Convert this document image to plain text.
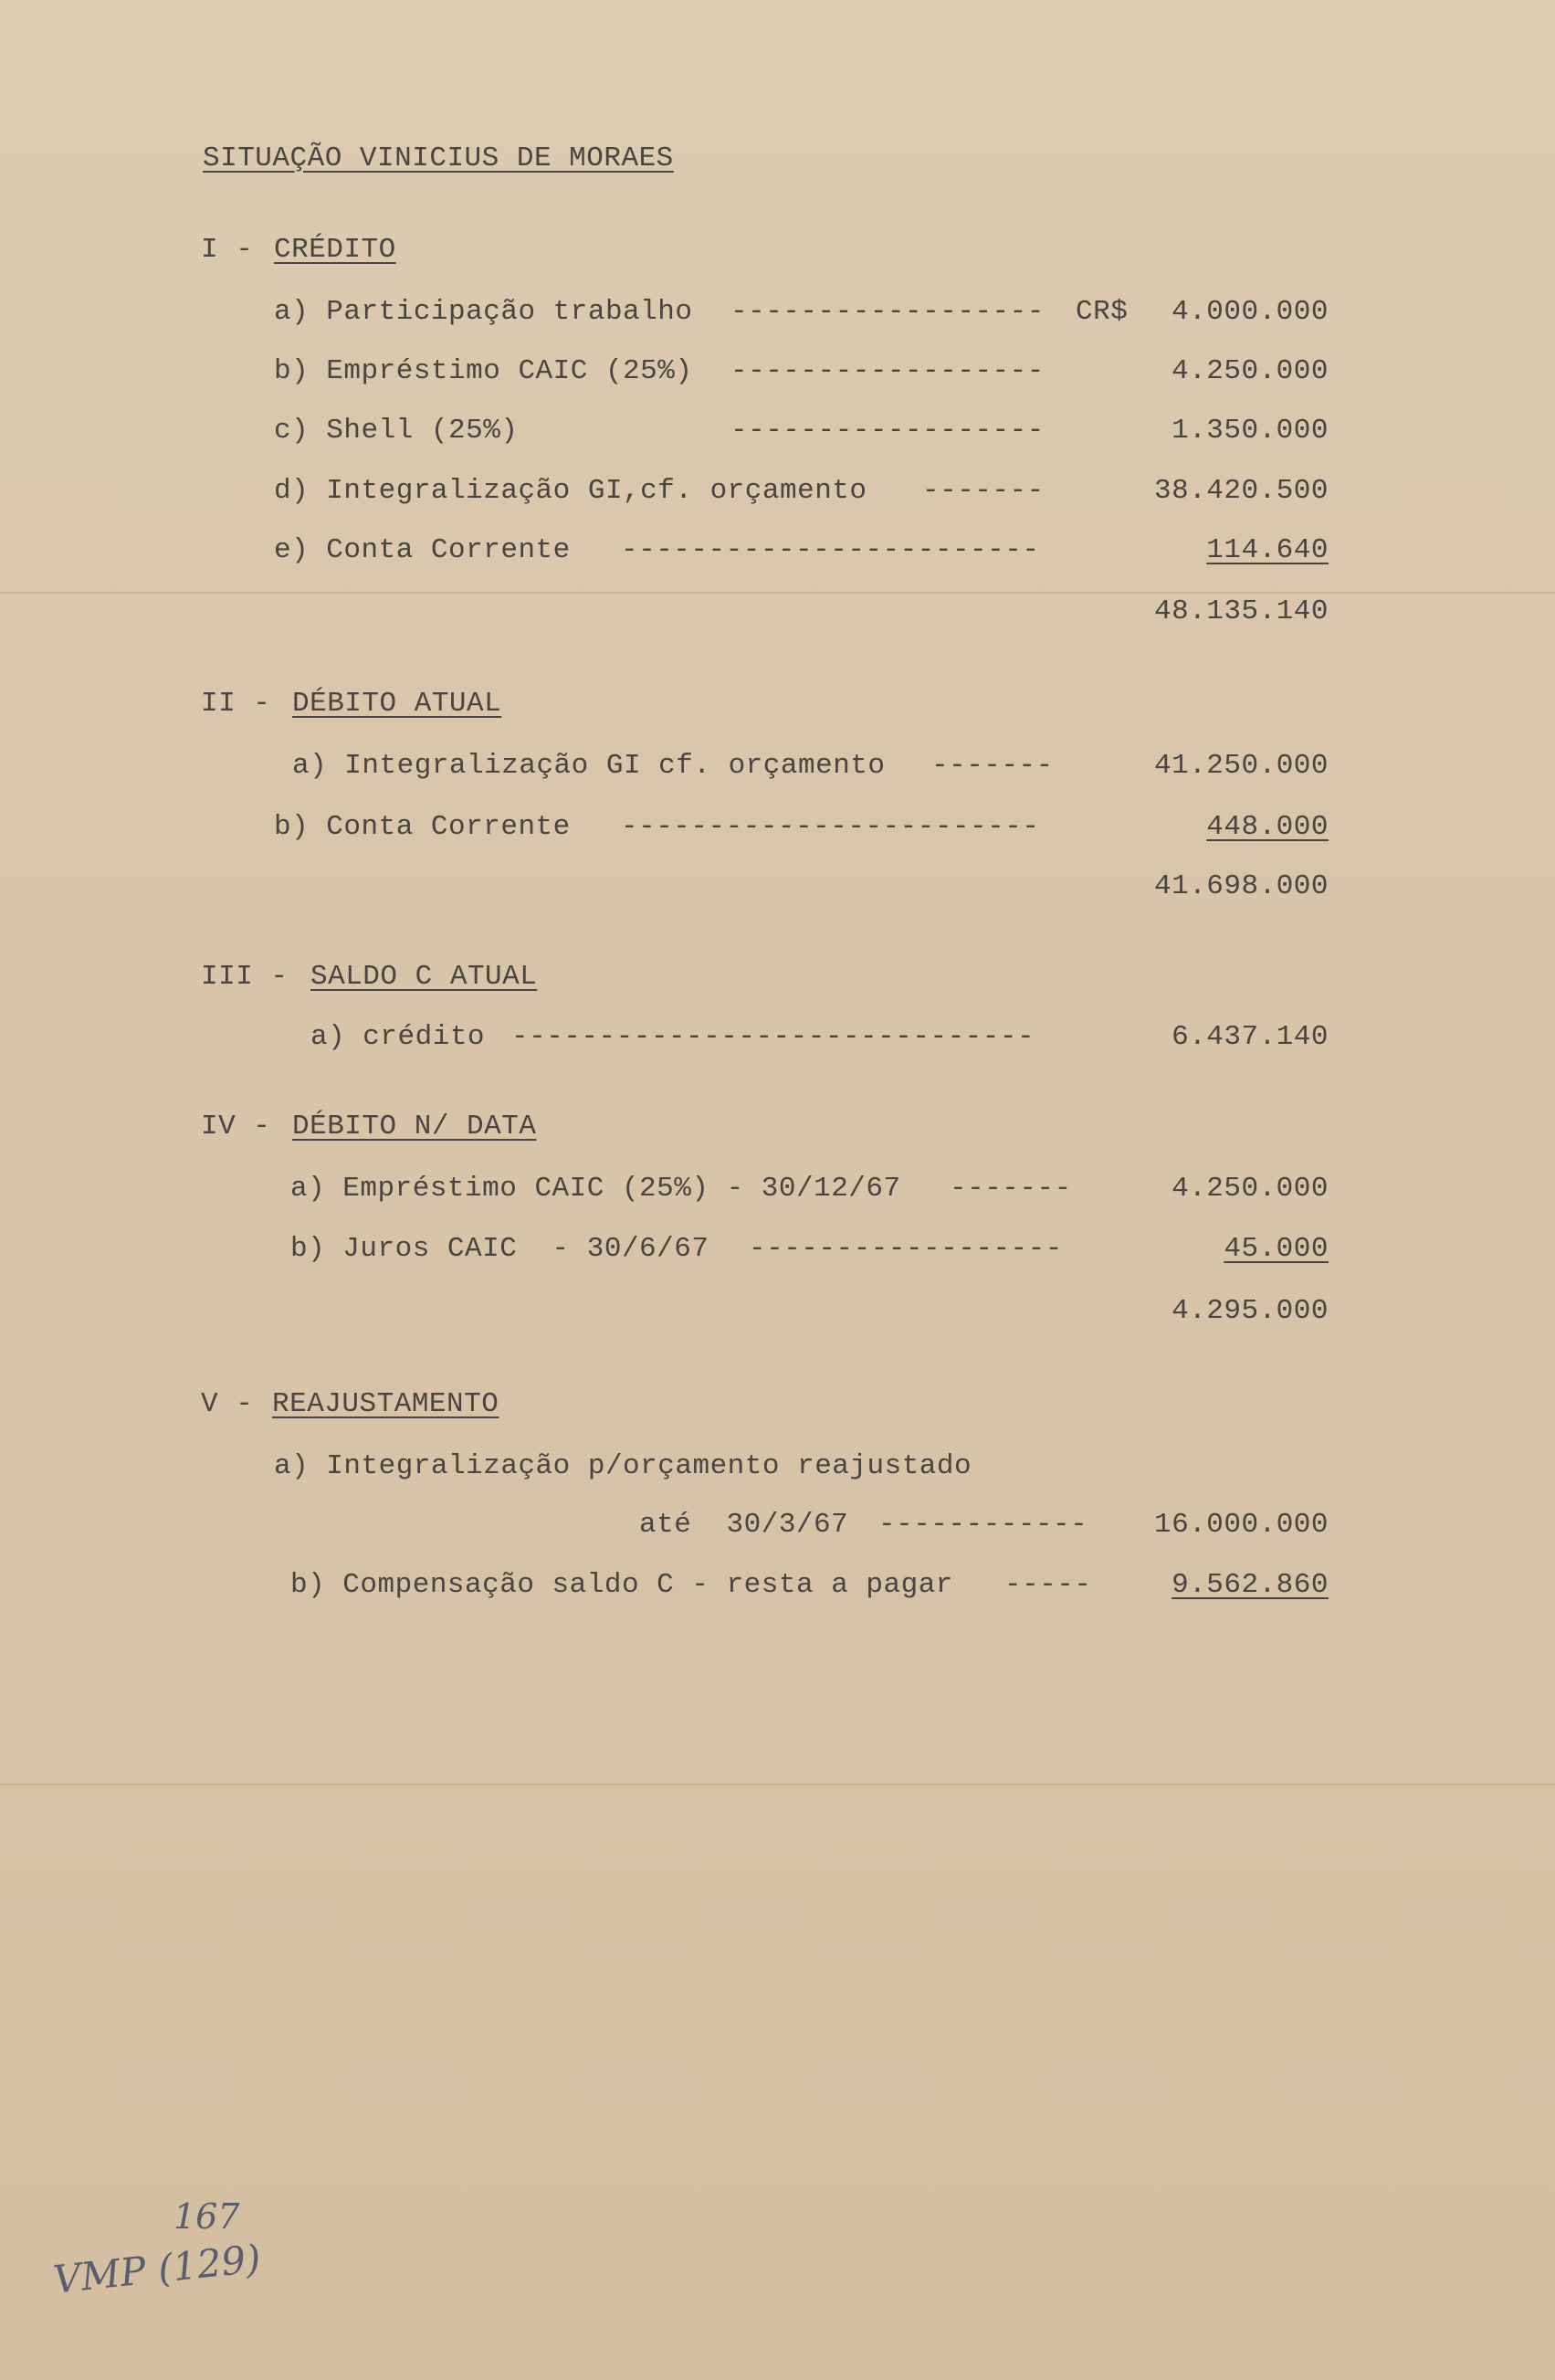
SITUAÇÃO VINICIUS DE MORAES
I - CRÉDITO
a) Participação trabalho ------------------ CR$	4.000.000
b) Empréstimo CAIC (25%) ------------------	4.250.000
c) Shell (25%)	------------------	1.350.000
d) Integralização GI,cf. orçamento -------	38.420.500
e) Conta Corrente ------------------------	114.640
48.135.140
II - DÉBITO ATUAL
a) Integralização GI cf. orçamento -------	41.250.000
b) Conta Corrente ------------------------	448.000
41.698.000
III - SALDO C ATUAL
a) crédito ------------------------------	6.437.140
IV - DÉBITO N/ DATA
a) Empréstimo CAIC (25%) - 30/12/67 -------	4.250.000
b) Juros CAIC  - 30/6/67 ------------------	45.000
4.295.000
V - REAJUSTAMENTO
a) Integralização p/orçamento reajustado
até  30/3/67 ------------	16.000.000
b) Compensação saldo C - resta a pagar -----	9.562.860
167
VMP (129)
